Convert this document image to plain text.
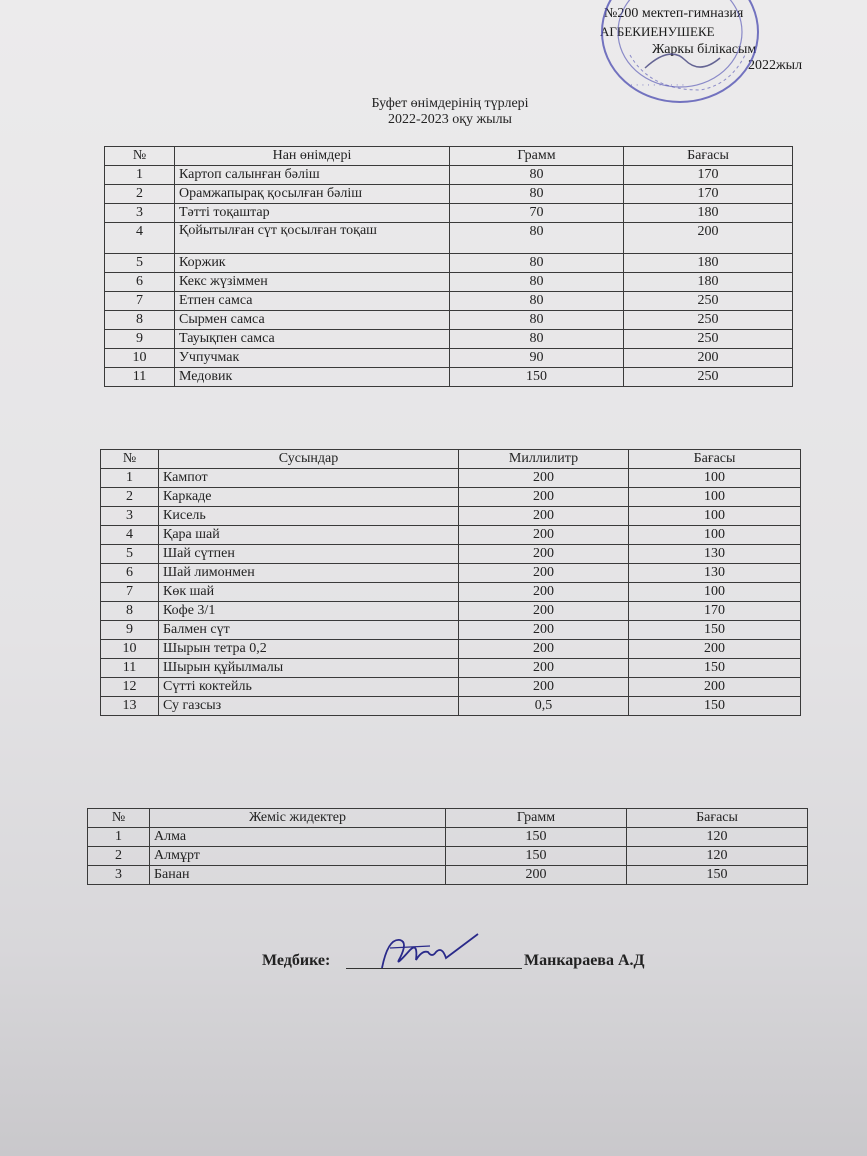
№200 мектеп-гимназия
АГБЕКИЕНУШЕКЕ
Жаркы білікасым
2022жыл
· · · · · · · · · ·
Буфет өнімдерінің түрлері
2022-2023 оқу жылы
№	Нан өнімдері	Грамм	Бағасы
1	Картоп салынған бәліш	80	170
2	Орамжапырақ қосылған бәліш	80	170
3	Тәтті тоқаштар	70	180
4	Қойытылған сүт қосылған тоқаш	80	200
5	Коржик	80	180
6	Кекс жүзіммен	80	180
7	Етпен самса	80	250
8	Сырмен самса	80	250
9	Тауықпен самса	80	250
10	Учпучмак	90	200
11	Медовик	150	250
№	Сусындар	Миллилитр	Бағасы
1	Кампот	200	100
2	Каркаде	200	100
3	Кисель	200	100
4	Қара шай	200	100
5	Шай сүтпен	200	130
6	Шай лимонмен	200	130
7	Көк шай	200	100
8	Кофе 3/1	200	170
9	Балмен сүт	200	150
10	Шырын тетра 0,2	200	200
11	Шырын құйылмалы	200	150
12	Сүтті коктейль	200	200
13	Су газсыз	0,5	150
№	Жеміс жидектер	Грамм	Бағасы
1	Алма	150	120
2	Алмұрт	150	120
3	Банан	200	150
Медбике:	Манкараева А.Д
